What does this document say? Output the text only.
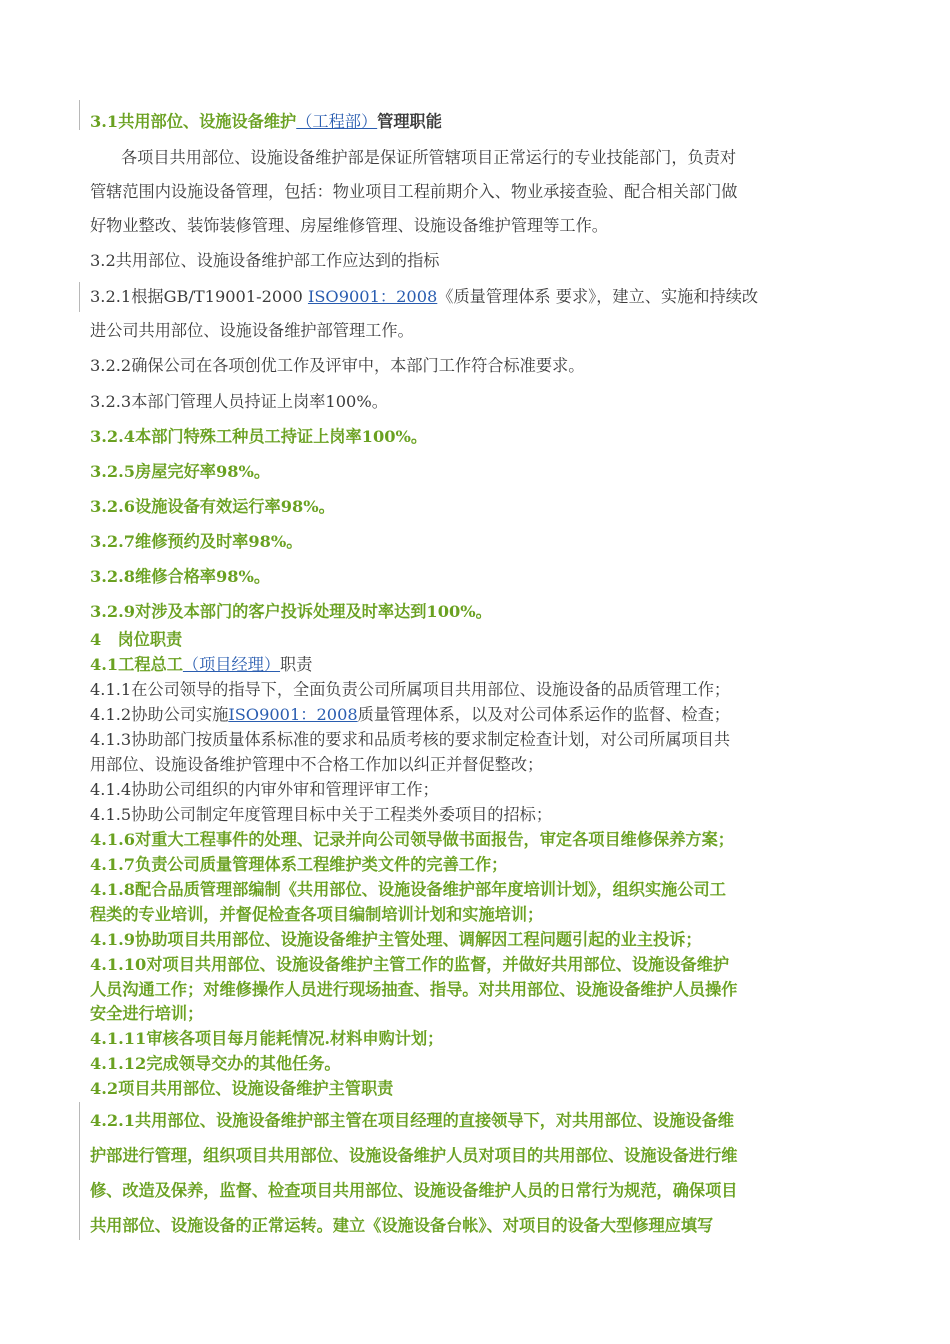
3.1共用部位、设施设备维护（工程部）管理职能
各项目共用部位、设施设备维护部是保证所管辖项目正常运行的专业技能部门，负责对
管辖范围内设施设备管理，包括：物业项目工程前期介入、物业承接查验、配合相关部门做
好物业整改、装饰装修管理、房屋维修管理、设施设备维护管理等工作。
3.2共用部位、设施设备维护部工作应达到的指标
3.2.1根据GB/T19001-2000 ISO9001：2008《质量管理体系 要求》，建立、实施和持续改
进公司共用部位、设施设备维护部管理工作。
3.2.2确保公司在各项创优工作及评审中，本部门工作符合标准要求。
3.2.3本部门管理人员持证上岗率100%。
3.2.4本部门特殊工种员工持证上岗率100%。
3.2.5房屋完好率98%。
3.2.6设施设备有效运行率98%。
3.2.7维修预约及时率98%。
3.2.8维修合格率98%。
3.2.9对涉及本部门的客户投诉处理及时率达到100%。
4　岗位职责
4.1工程总工（项目经理）职责
4.1.1在公司领导的指导下，全面负责公司所属项目共用部位、设施设备的品质管理工作；
4.1.2协助公司实施ISO9001：2008质量管理体系，以及对公司体系运作的监督、检查；
4.1.3协助部门按质量体系标准的要求和品质考核的要求制定检查计划，对公司所属项目共
用部位、设施设备维护管理中不合格工作加以纠正并督促整改；
4.1.4协助公司组织的内审外审和管理评审工作；
4.1.5协助公司制定年度管理目标中关于工程类外委项目的招标；
4.1.6对重大工程事件的处理、记录并向公司领导做书面报告，审定各项目维修保养方案；
4.1.7负责公司质量管理体系工程维护类文件的完善工作；
4.1.8配合品质管理部编制《共用部位、设施设备维护部年度培训计划》，组织实施公司工
程类的专业培训，并督促检查各项目编制培训计划和实施培训；
4.1.9协助项目共用部位、设施设备维护主管处理、调解因工程问题引起的业主投诉；
4.1.10对项目共用部位、设施设备维护主管工作的监督，并做好共用部位、设施设备维护
人员沟通工作；对维修操作人员进行现场抽查、指导。对共用部位、设施设备维护人员操作
安全进行培训；
4.1.11审核各项目每月能耗情况.材料申购计划；
4.1.12完成领导交办的其他任务。
4.2项目共用部位、设施设备维护主管职责
4.2.1共用部位、设施设备维护部主管在项目经理的直接领导下，对共用部位、设施设备维
护部进行管理，组织项目共用部位、设施设备维护人员对项目的共用部位、设施设备进行维
修、改造及保养，监督、检查项目共用部位、设施设备维护人员的日常行为规范，确保项目
共用部位、设施设备的正常运转。建立《设施设备台帐》、对项目的设备大型修理应填写
